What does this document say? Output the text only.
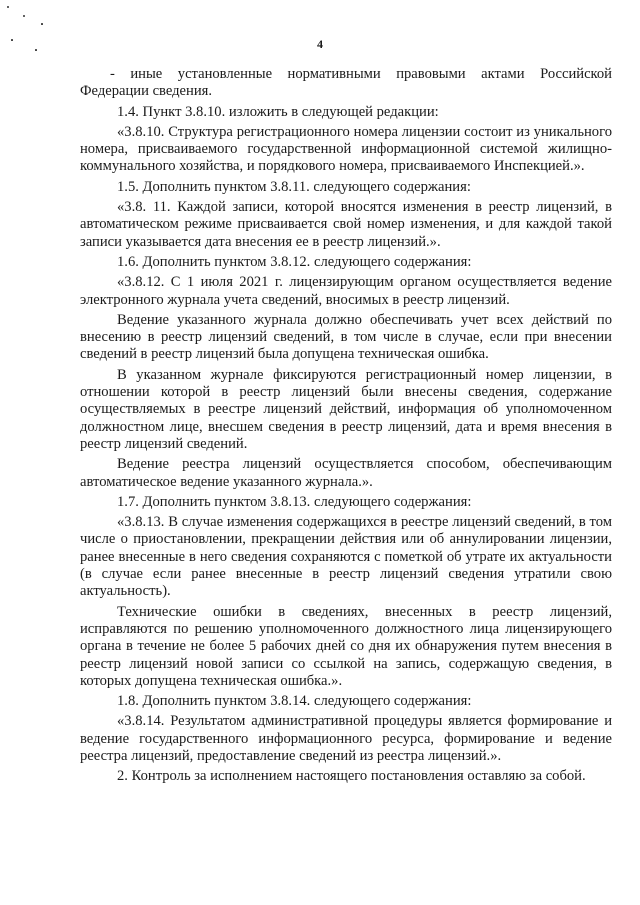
4

- иные установленные нормативными правовыми актами Российской Федерации сведения.

1.4. Пункт 3.8.10. изложить в следующей редакции:

«3.8.10. Структура регистрационного номера лицензии состоит из уникального номера, присваиваемого государственной информационной системой жилищно-коммунального хозяйства, и порядкового номера, присваиваемого Инспекцией.».

1.5. Дополнить пунктом 3.8.11. следующего содержания:

«3.8. 11. Каждой записи, которой вносятся изменения в реестр лицензий, в автоматическом режиме присваивается свой номер изменения, и для каждой такой записи указывается дата внесения ее в реестр лицензий.».

1.6. Дополнить пунктом 3.8.12. следующего содержания:

«3.8.12. С 1 июля 2021 г. лицензирующим органом осуществляется ведение электронного журнала учета сведений, вносимых в реестр лицензий.

Ведение указанного журнала должно обеспечивать учет всех действий по внесению в реестр лицензий сведений, в том числе в случае, если при внесении сведений в реестр лицензий была допущена техническая ошибка.

В указанном журнале фиксируются регистрационный номер лицензии, в отношении которой в реестр лицензий были внесены сведения, содержание осуществляемых в реестре лицензий действий, информация об уполномоченном должностном лице, внесшем сведения в реестр лицензий, дата и время внесения в реестр лицензий сведений.

Ведение реестра лицензий осуществляется способом, обеспечивающим автоматическое ведение указанного журнала.».

1.7. Дополнить пунктом 3.8.13. следующего содержания:

«3.8.13. В случае изменения содержащихся в реестре лицензий сведений, в том числе о приостановлении, прекращении действия или об аннулировании лицензии, ранее внесенные в него сведения сохраняются с пометкой об утрате их актуальности (в случае если ранее внесенные в реестр лицензий сведения утратили свою актуальность).

Технические ошибки в сведениях, внесенных в реестр лицензий, исправляются по решению уполномоченного должностного лица лицензирующего органа в течение не более 5 рабочих дней со дня их обнаружения путем внесения в реестр лицензий новой записи со ссылкой на запись, содержащую сведения, в которых допущена техническая ошибка.».

1.8. Дополнить пунктом 3.8.14. следующего содержания:

«3.8.14. Результатом административной процедуры является формирование и ведение государственного информационного ресурса, формирование и ведение реестра лицензий, предоставление сведений из реестра лицензий.».

2. Контроль за исполнением настоящего постановления оставляю за собой.
